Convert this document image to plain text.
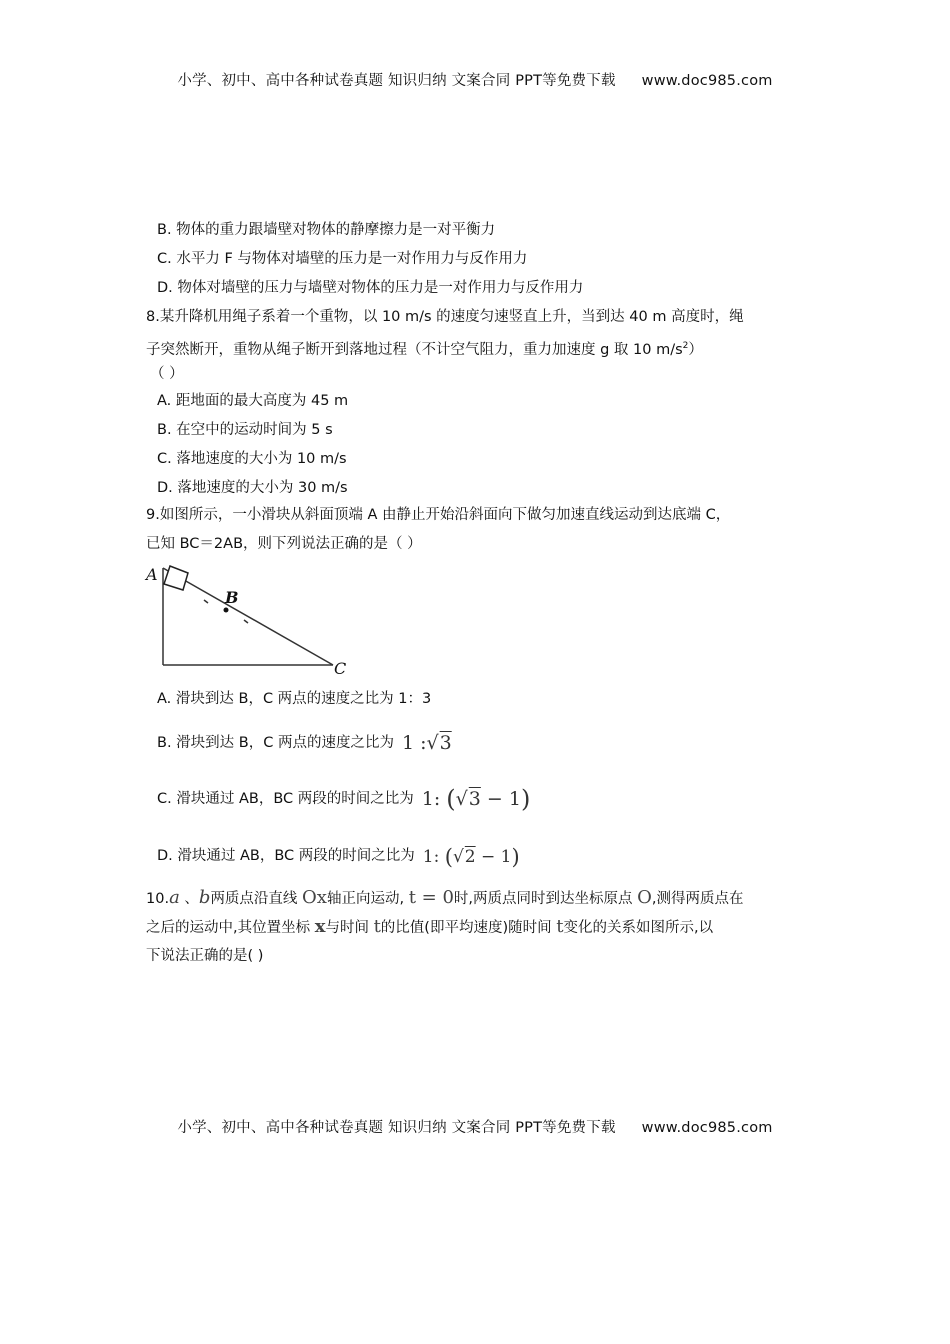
小学、初中、高中各种试卷真题 知识归纳 文案合同 PPT等免费下载 www.doc985.com
B. 物体的重力跟墙壁对物体的静摩擦力是一对平衡力
C. 水平力 F 与物体对墙壁的压力是一对作用力与反作用力
D. 物体对墙壁的压力与墙壁对物体的压力是一对作用力与反作用力
8.某升降机用绳子系着一个重物，以 10 m/s 的速度匀速竖直上升，当到达 40 m 高度时，绳
子突然断开，重物从绳子断开到落地过程（不计空气阻力，重力加速度 g 取 10 $m/s^2$）
（ ）
A. 距地面的最大高度为 45 m
B. 在空中的运动时间为 5 s
C. 落地速度的大小为 10 m/s
D. 落地速度的大小为 30 m/s
9.如图所示，一小滑块从斜面顶端 A 由静止开始沿斜面向下做匀加速直线运动到达底端 C，
已知 BC＝2AB，则下列说法正确的是（ ）
A
B
C
A. 滑块到达 B，C 两点的速度之比为 1：3
B. 滑块到达 B，C 两点的速度之比为 1 :√3
C. 滑块通过 AB，BC 两段的时间之比为 1: (√3 − 1)
D. 滑块通过 AB，BC 两段的时间之比为 1: (√2 − 1)
10.a 、b两质点沿直线 Ox轴正向运动, t = 0时,两质点同时到达坐标原点 O,测得两质点在
之后的运动中,其位置坐标 x与时间 t的比值(即平均速度)随时间 t变化的关系如图所示,以
下说法正确的是( )
小学、初中、高中各种试卷真题 知识归纳 文案合同 PPT等免费下载 www.doc985.com
